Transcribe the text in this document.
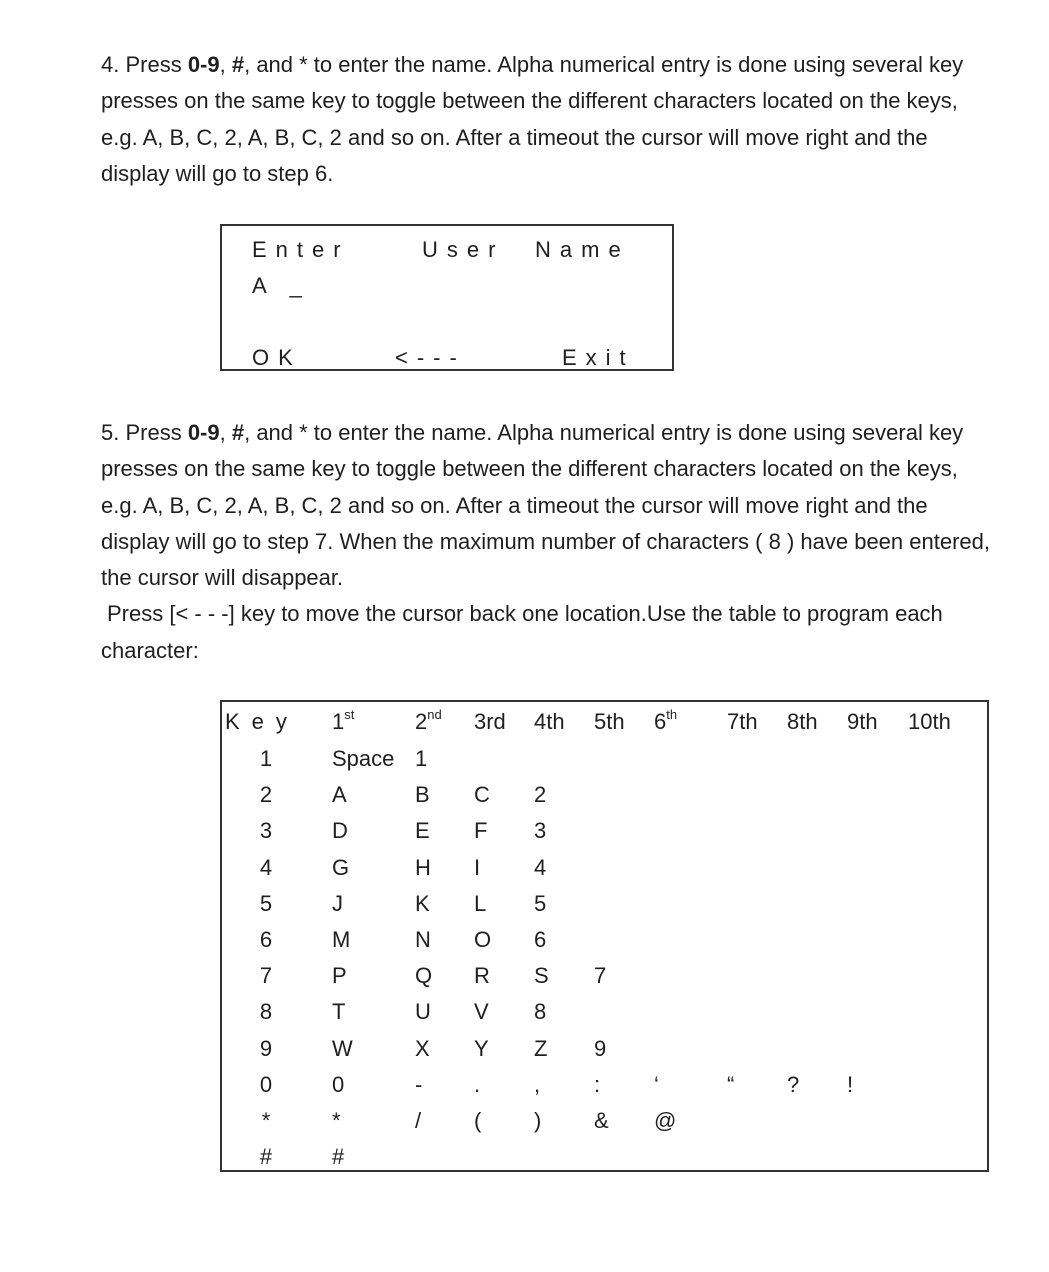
4. Press 0-9, #, and * to enter the name. Alpha numerical entry is done using several key presses on the same key to toggle between the different characters located on the keys, e.g. A, B, C, 2, A, B, C, 2 and so on. After a timeout the cursor will move right and the display will go to step 6.

Enter	User Name
A _
OK	<---	Exit

5. Press 0-9, #, and * to enter the name. Alpha numerical entry is done using several key presses on the same key to toggle between the different characters located on the keys, e.g. A, B, C, 2, A, B, C, 2 and so on. After a timeout the cursor will move right and the display will go to step 7. When the maximum number of characters ( 8 ) have been entered, the cursor will disappear.
Press [< - - -] key to move the cursor back one location.Use the table to program each character:

Key 1st	2nd 3rd 4th 5th 6th 7th 8th 9th 10th
1	Space 1
2	A	B C 2
3	D	E F 3
4	G	H I 4
5	J	K L 5
6	M	N O 6
7	P	Q R S 7
8	T	U V 8
9	W	X Y Z 9
0	0	- . , : ‘	“ ? !
*	*	/ ( ) & @
#	#
